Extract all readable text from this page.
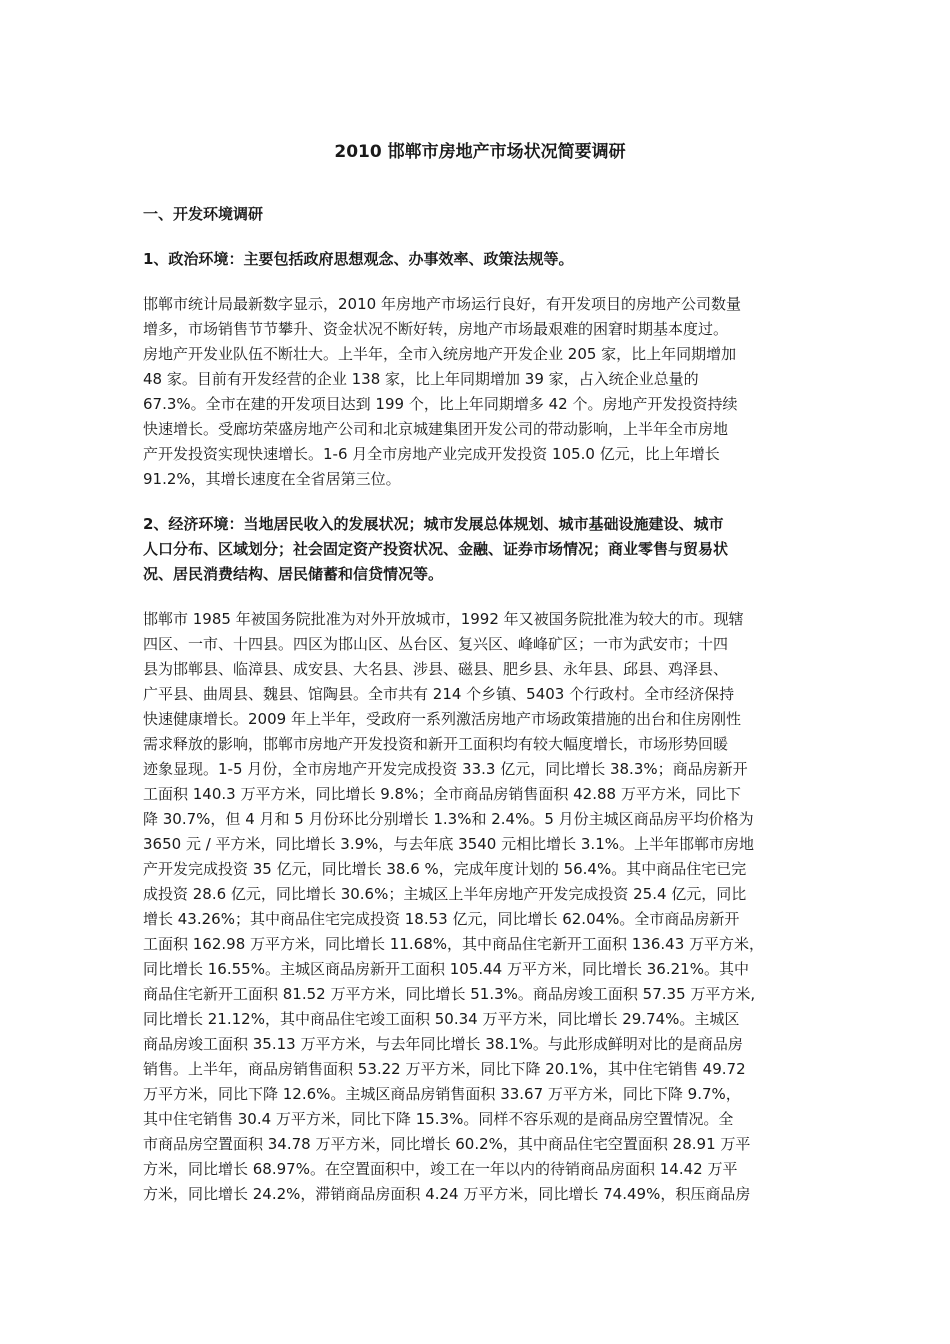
2010 邯郸市房地产市场状况简要调研
一、开发环境调研
1、政治环境：主要包括政府思想观念、办事效率、政策法规等。
邯郸市统计局最新数字显示，2010 年房地产市场运行良好，有开发项目的房地产公司数量
增多，市场销售节节攀升、资金状况不断好转，房地产市场最艰难的困窘时期基本度过。
房地产开发业队伍不断壮大。上半年，全市入统房地产开发企业 205 家，比上年同期增加
48 家。目前有开发经营的企业 138 家，比上年同期增加 39 家，占入统企业总量的
67.3%。全市在建的开发项目达到 199 个，比上年同期增多 42 个。房地产开发投资持续
快速增长。受廊坊荣盛房地产公司和北京城建集团开发公司的带动影响，上半年全市房地
产开发投资实现快速增长。1-6 月全市房地产业完成开发投资 105.0 亿元，比上年增长
91.2%，其增长速度在全省居第三位。
2、经济环境：当地居民收入的发展状况；城市发展总体规划、城市基础设施建设、城市
人口分布、区域划分；社会固定资产投资状况、金融、证券市场情况；商业零售与贸易状
况、居民消费结构、居民储蓄和信贷情况等。
邯郸市 1985 年被国务院批准为对外开放城市，1992 年又被国务院批准为较大的市。现辖
四区、一市、十四县。四区为邯山区、丛台区、复兴区、峰峰矿区；一市为武安市；十四
县为邯郸县、临漳县、成安县、大名县、涉县、磁县、肥乡县、永年县、邱县、鸡泽县、
广平县、曲周县、魏县、馆陶县。全市共有 214 个乡镇、5403 个行政村。全市经济保持
快速健康增长。2009 年上半年，受政府一系列激活房地产市场政策措施的出台和住房刚性
需求释放的影响，邯郸市房地产开发投资和新开工面积均有较大幅度增长，市场形势回暖
迹象显现。1-5 月份，全市房地产开发完成投资 33.3 亿元，同比增长 38.3%；商品房新开
工面积 140.3 万平方米，同比增长 9.8%；全市商品房销售面积 42.88 万平方米，同比下
降 30.7%，但 4 月和 5 月份环比分别增长 1.3%和 2.4%。5 月份主城区商品房平均价格为
3650 元 / 平方米，同比增长 3.9%，与去年底 3540 元相比增长 3.1%。上半年邯郸市房地
产开发完成投资 35 亿元，同比增长 38.6 %，完成年度计划的 56.4%。其中商品住宅已完
成投资 28.6 亿元，同比增长 30.6%；主城区上半年房地产开发完成投资 25.4 亿元，同比
增长 43.26%；其中商品住宅完成投资 18.53 亿元，同比增长 62.04%。全市商品房新开
工面积 162.98 万平方米，同比增长 11.68%，其中商品住宅新开工面积 136.43 万平方米，
同比增长 16.55%。主城区商品房新开工面积 105.44 万平方米，同比增长 36.21%。其中
商品住宅新开工面积 81.52 万平方米，同比增长 51.3%。商品房竣工面积 57.35 万平方米,
同比增长 21.12%，其中商品住宅竣工面积 50.34 万平方米，同比增长 29.74%。主城区
商品房竣工面积 35.13 万平方米，与去年同比增长 38.1%。与此形成鲜明对比的是商品房
销售。上半年，商品房销售面积 53.22 万平方米，同比下降 20.1%，其中住宅销售 49.72
万平方米，同比下降 12.6%。主城区商品房销售面积 33.67 万平方米，同比下降 9.7%，
其中住宅销售 30.4 万平方米，同比下降 15.3%。同样不容乐观的是商品房空置情况。全
市商品房空置面积 34.78 万平方米，同比增长 60.2%，其中商品住宅空置面积 28.91 万平
方米，同比增长 68.97%。在空置面积中，竣工在一年以内的待销商品房面积 14.42 万平
方米，同比增长 24.2%，滞销商品房面积 4.24 万平方米，同比增长 74.49%，积压商品房
